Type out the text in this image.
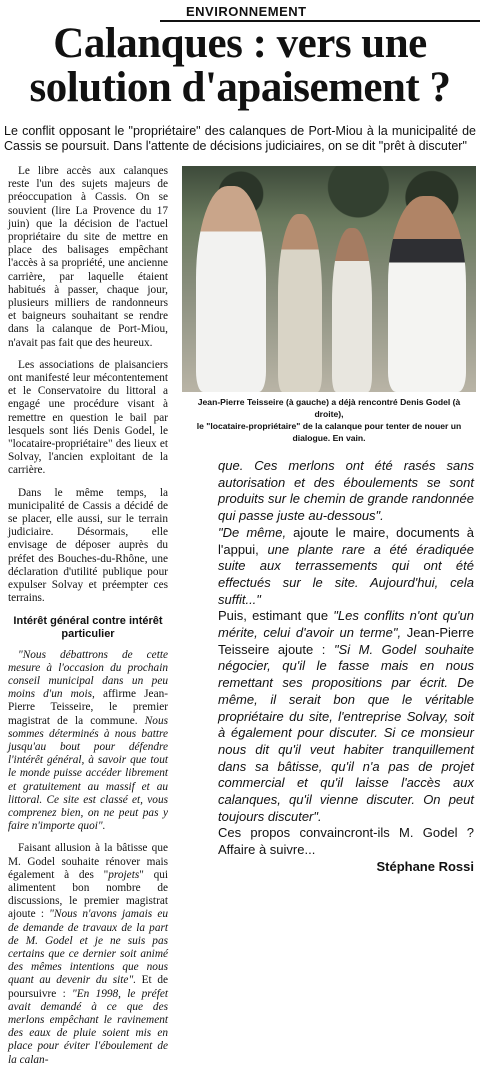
ENVIRONNEMENT
Calanques : vers une
solution d'apaisement ?
Le conflit opposant le "propriétaire" des calanques de Port-Miou à la municipalité de Cassis se poursuit. Dans l'attente de décisions judiciaires, on se dit "prêt à discuter"

Le libre accès aux calanques reste l'un des sujets majeurs de préoccupation à Cassis. On se souvient (lire La Provence du 17 juin) que la décision de l'actuel propriétaire du site de mettre en place des balisages empêchant l'accès à sa propriété, une ancienne carrière, par laquelle étaient habitués à passer, chaque jour, plusieurs milliers de randonneurs et baigneurs souhaitant se rendre dans la calanque de Port-Miou, n'avait pas fait que des heureux.

Les associations de plaisanciers ont manifesté leur mécontentement et le Conservatoire du littoral a engagé une procédure visant à remettre en question le bail par lesquels sont liés Denis Godel, le "locataire-propriétaire" des lieux et Solvay, l'ancien exploitant de la carrière.

Dans le même temps, la municipalité de Cassis a décidé de se placer, elle aussi, sur le terrain judiciaire. Désormais, elle envisage de déposer auprès du préfet des Bouches-du-Rhône, une déclaration d'utilité publique pour expulser Solvay et préempter ces terrains.

Intérêt général contre intérêt particulier

"Nous débattrons de cette mesure à l'occasion du prochain conseil municipal dans un peu moins d'un mois, affirme Jean-Pierre Teisseire, le premier magistrat de la commune. Nous sommes déterminés à nous battre jusqu'au bout pour défendre l'intérêt général, à savoir que tout le monde puisse accéder librement et gratuitement au massif et au littoral. Ce site est classé et, vous comprenez bien, on ne peut pas y faire n'importe quoi".

Faisant allusion à la bâtisse que M. Godel souhaite rénover mais également à des "projets" qui alimentent bon nombre de discussions, le premier magistrat ajoute : "Nous n'avons jamais eu de demande de travaux de la part de M. Godel et je ne suis pas certains que ce dernier soit animé des mêmes intentions que nous quant au devenir du site". Et de poursuivre : "En 1998, le préfet avait demandé à ce que des merlons empêchant le ravinement des eaux de pluie soient mis en place pour éviter l'éboulement de la calan-

Jean-Pierre Teisseire (à gauche) a déjà rencontré Denis Godel (à droite),
le "locataire-propriétaire" de la calanque pour tenter de nouer un dialogue. En vain.

que. Ces merlons ont été rasés sans autorisation et des éboulements se sont produits sur le chemin de grande randonnée qui passe juste au-dessous".

"De même, ajoute le maire, documents à l'appui, une plante rare a été éradiquée suite aux terrassements qui ont été effectués sur le site. Aujourd'hui, cela suffit..."

Puis, estimant que "Les conflits n'ont qu'un mérite, celui d'avoir un terme", Jean-Pierre Teisseire ajoute : "Si M. Godel souhaite négocier, qu'il le fasse mais en nous remettant ses propositions par écrit. De même, il serait bon que le véritable propriétaire du site, l'entreprise Solvay, soit à également pour discuter. Si ce monsieur nous dit qu'il veut habiter tranquillement dans sa bâtisse, qu'il n'a pas de projet commercial et qu'il laisse l'accès aux calanques, qu'il vienne discuter. On peut toujours discuter".

Ces propos convaincront-ils M. Godel ? Affaire à suivre...

Stéphane Rossi
